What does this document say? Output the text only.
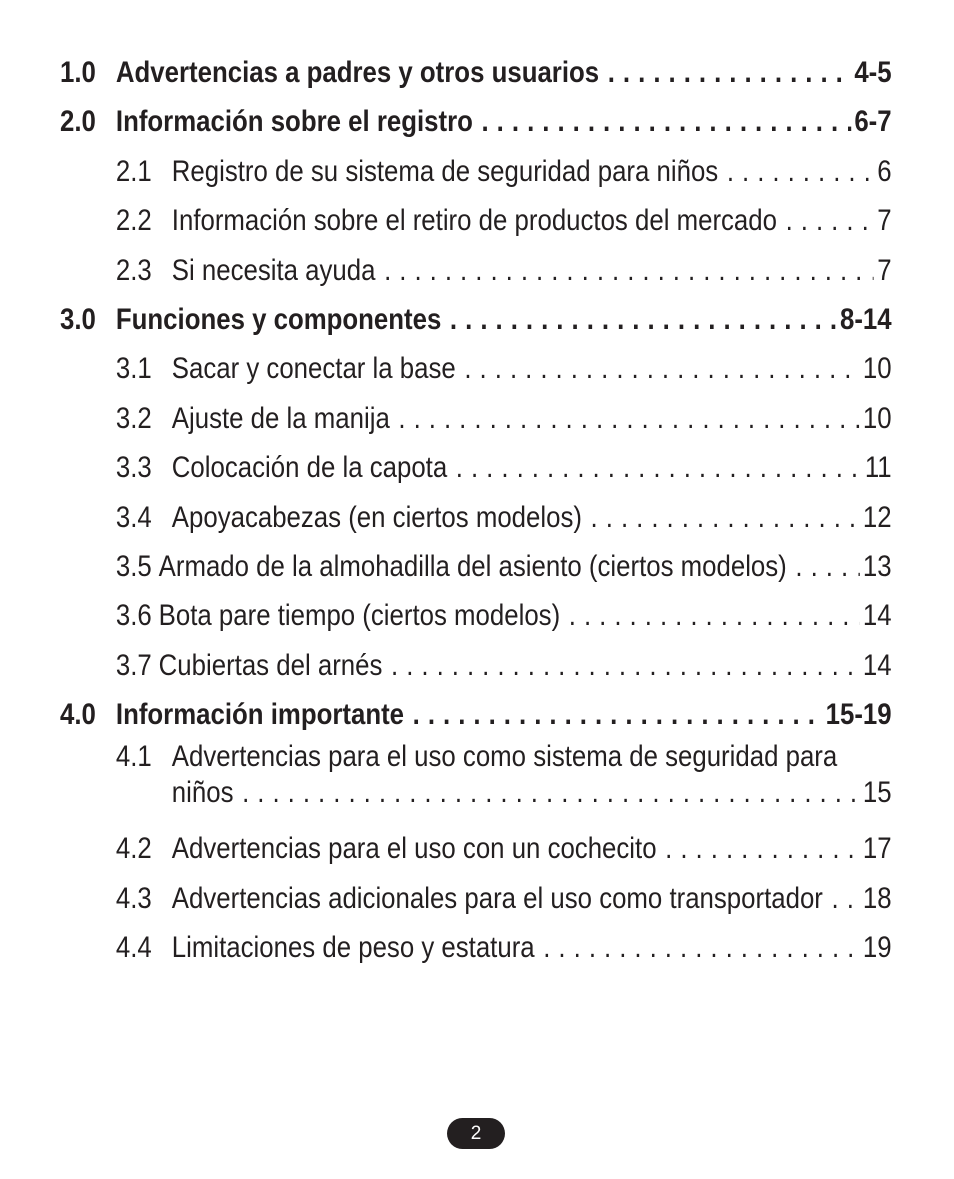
1.0 Advertencias a padres y otros usuarios . . .	4-5
2.0 Información sobre el registro . . .	6-7
2.1 Registro de su sistema de seguridad para niños . . .	6
2.2 Información sobre el retiro de productos del mercado . . .	7
2.3 Si necesita ayuda . . .	7
3.0 Funciones y componentes . . .	8-14
3.1 Sacar y conectar la base . . .	10
3.2 Ajuste de la manija . . .	10
3.3 Colocación de la capota . . .	11
3.4 Apoyacabezas (en ciertos modelos) . . .	12
3.5 Armado de la almohadilla del asiento (ciertos modelos) . . .	13
3.6 Bota pare tiempo (ciertos modelos) . . .	14
3.7 Cubiertas del arnés . . .	14
4.0 Información importante . . .	15-19
4.1 Advertencias para el uso como sistema de seguridad para
niños . . .	15
4.2 Advertencias para el uso con un cochecito . . .	17
4.3 Advertencias adicionales para el uso como transportador . . . 18
4.4 Limitaciones de peso y estatura . . .	19
2
